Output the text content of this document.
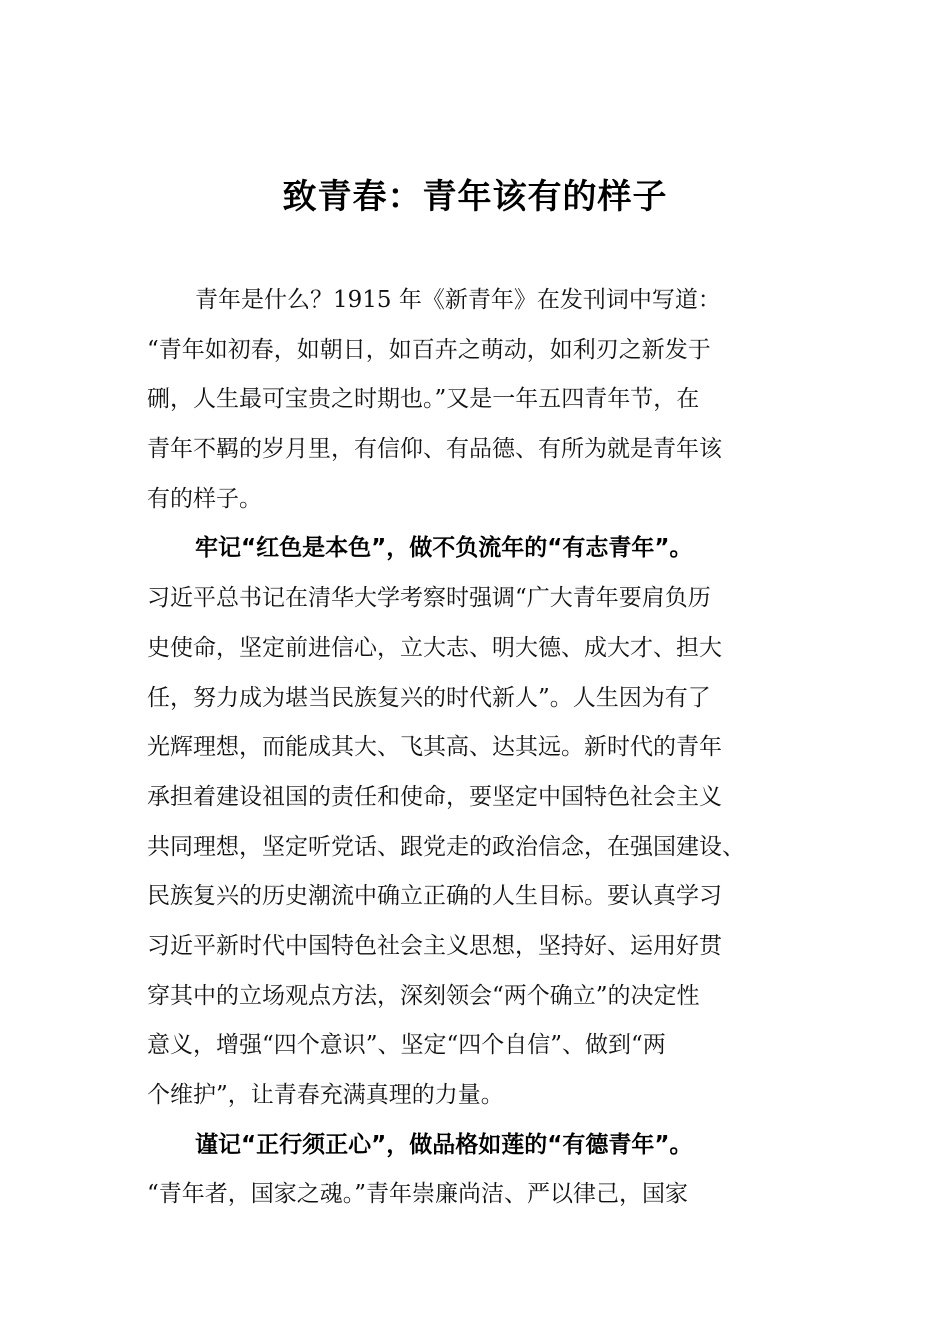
致青春：青年该有的样子
青年是什么？1915 年《新青年》在发刊词中写道：
“青年如初春，如朝日，如百卉之萌动，如利刃之新发于
硎，人生最可宝贵之时期也。”又是一年五四青年节，在
青年不羁的岁月里，有信仰、有品德、有所为就是青年该
有的样子。
牢记“红色是本色”，做不负流年的“有志青年”。
习近平总书记在清华大学考察时强调“广大青年要肩负历
史使命，坚定前进信心，立大志、明大德、成大才、担大
任，努力成为堪当民族复兴的时代新人”。人生因为有了
光辉理想，而能成其大、飞其高、达其远。新时代的青年
承担着建设祖国的责任和使命，要坚定中国特色社会主义
共同理想，坚定听党话、跟党走的政治信念，在强国建设、
民族复兴的历史潮流中确立正确的人生目标。要认真学习
习近平新时代中国特色社会主义思想，坚持好、运用好贯
穿其中的立场观点方法，深刻领会“两个确立”的决定性
意义，增强“四个意识”、坚定“四个自信”、做到“两
个维护”，让青春充满真理的力量。
谨记“正行须正心”，做品格如莲的“有德青年”。
“青年者，国家之魂。”青年崇廉尚洁、严以律己，国家
